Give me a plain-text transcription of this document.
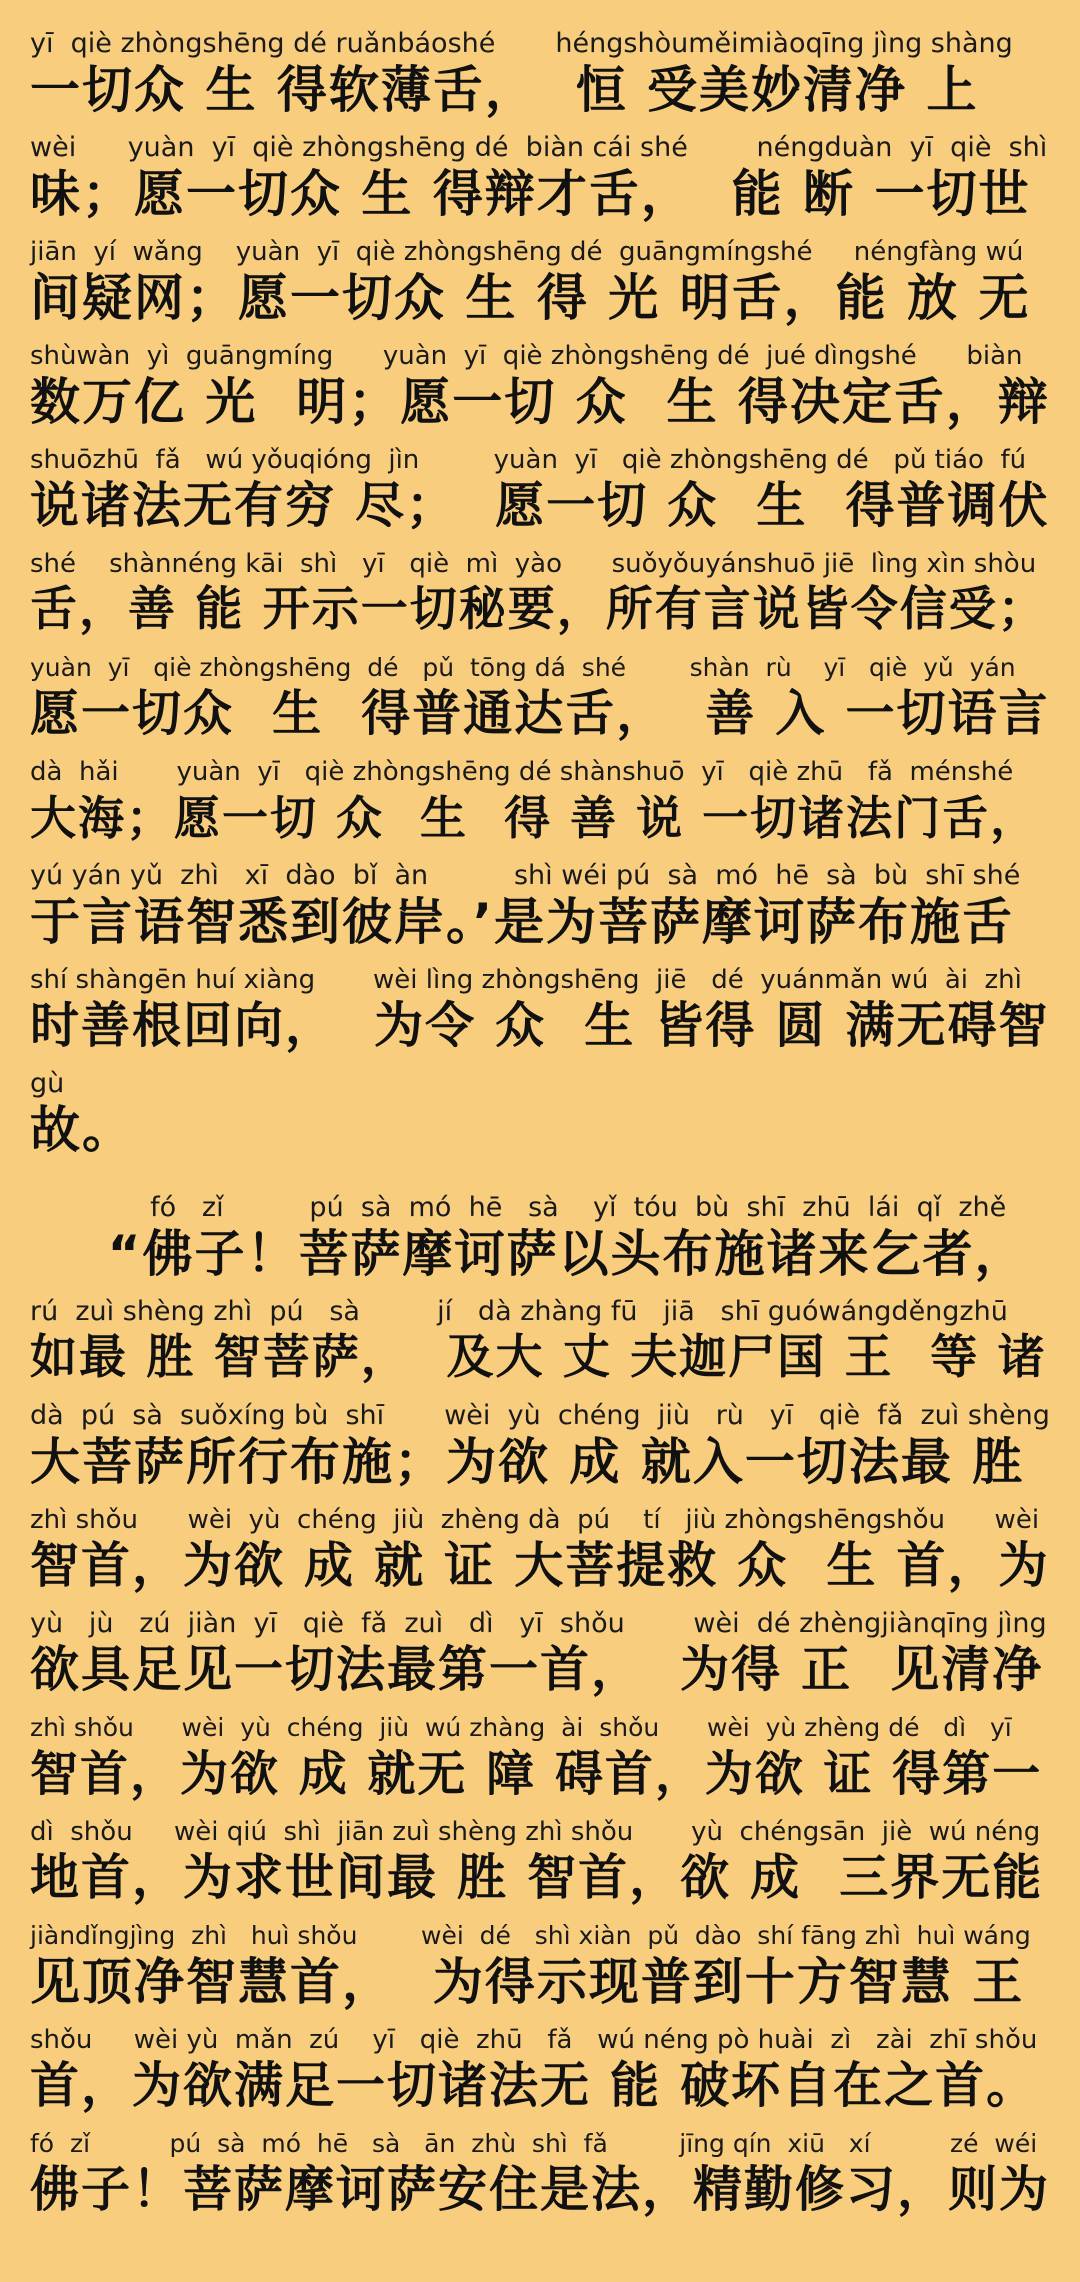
yī  qiè zhòngshēng dé ruǎnbáoshé       héngshòuměimiàoqīng jìng shàng
一切众 生 得软薄舌，  恒 受美妙清净 上
wèi      yuàn  yī  qiè zhòngshēng dé  biàn cái shé        néngduàn  yī  qiè  shì
味；愿一切众 生 得辩才舌，  能 断 一切世
jiān  yí  wǎng    yuàn  yī  qiè zhòngshēng dé  guāngmíngshé     néngfàng wú
间疑网；愿一切众 生 得 光 明舌，能 放 无
shùwàn  yì  guāngmíng      yuàn  yī  qiè zhòngshēng dé  jué dìngshé      biàn
数万亿 光  明；愿一切 众  生 得决定舌，辩
shuōzhū  fǎ   wú yǒuqióng  jìn         yuàn  yī   qiè zhòngshēng dé   pǔ tiáo  fú
说诸法无有穷 尽；  愿一切 众  生  得普调伏
shé    shànnéng kāi  shì   yī   qiè  mì  yào      suǒyǒuyánshuō jiē  lìng xìn shòu
舌，善 能 开示一切秘要，所有言说皆令信受；
yuàn  yī   qiè zhòngshēng  dé   pǔ  tōng dá  shé        shàn  rù    yī   qiè  yǔ  yán
愿一切众  生  得普通达舌，  善 入 一切语言
dà  hǎi       yuàn  yī   qiè zhòngshēng dé shànshuō  yī   qiè zhū   fǎ  ménshé
大海；愿一切 众  生  得 善 说 一切诸法门舌，
yú yán yǔ  zhì   xī  dào  bǐ  àn          shì wéi pú  sà  mó  hē  sà  bù  shī shé
于言语智悉到彼岸。’是为菩萨摩诃萨布施舌
shí shàngēn huí xiàng       wèi lìng zhòngshēng  jiē   dé  yuánmǎn wú  ài  zhì
时善根回向，  为令 众  生 皆得 圆 满无碍智
gù
故。
fó   zǐ          pú  sà  mó  hē   sà    yǐ  tóu  bù  shī  zhū  lái  qǐ  zhě
“佛子！菩萨摩诃萨以头布施诸来乞者，
rú  zuì shèng zhì  pú   sà         jí   dà zhàng fū   jiā   shī guówángděngzhū
如最 胜 智菩萨，  及大 丈 夫迦尸国 王  等 诸
dà  pú  sà  suǒxíng bù  shī       wèi  yù  chéng  jiù   rù   yī   qiè  fǎ  zuì shèng
大菩萨所行布施；为欲 成 就入一切法最 胜
zhì shǒu      wèi  yù  chéng  jiù  zhèng dà  pú    tí   jiù zhòngshēngshǒu      wèi
智首，为欲 成 就 证 大菩提救 众  生 首，为
yù   jù   zú  jiàn  yī   qiè  fǎ  zuì   dì   yī  shǒu        wèi  dé zhèngjiànqīng jìng
欲具足见一切法最第一首，  为得 正  见清净
zhì shǒu      wèi  yù  chéng  jiù  wú zhàng  ài  shǒu      wèi  yù zhèng dé   dì   yī
智首，为欲 成 就无 障 碍首，为欲 证 得第一
dì  shǒu     wèi qiú  shì  jiān zuì shèng zhì shǒu       yù  chéngsān  jiè  wú néng
地首，为求世间最 胜 智首，欲 成  三界无能
jiàndǐngjìng  zhì   huì shǒu        wèi  dé   shì xiàn  pǔ  dào  shí fāng zhì  huì wáng
见顶净智慧首，  为得示现普到十方智慧 王
shǒu     wèi yù  mǎn  zú    yī   qiè  zhū   fǎ   wú néng pò huài  zì   zài  zhī shǒu
首，为欲满足一切诸法无 能 破坏自在之首。
fó  zǐ          pú  sà  mó  hē   sà   ān  zhù  shì  fǎ         jīng qín  xiū   xí          zé  wéi
佛子！菩萨摩诃萨安住是法，精勤修习，则为
